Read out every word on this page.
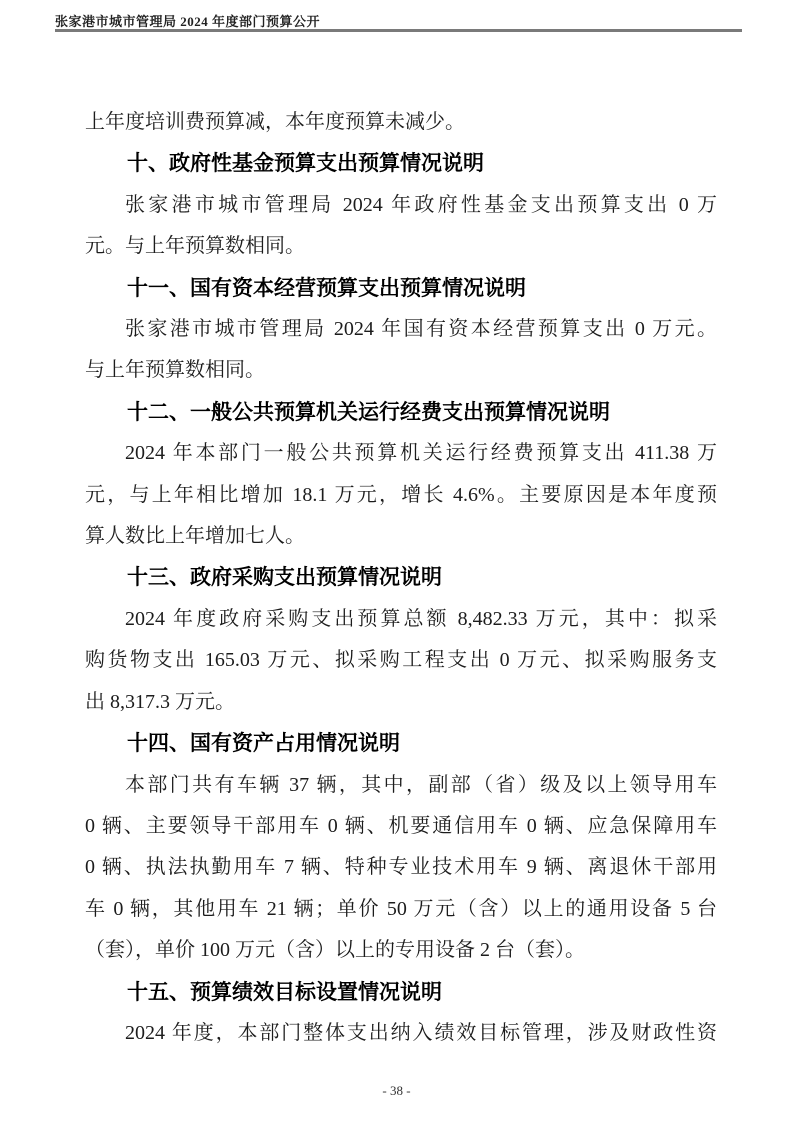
张家港市城市管理局 2024 年度部门预算公开
上年度培训费预算减，本年度预算未减少。
十、政府性基金预算支出预算情况说明
张家港市城市管理局 2024 年政府性基金支出预算支出 0 万
元。与上年预算数相同。
十一、国有资本经营预算支出预算情况说明
张家港市城市管理局 2024 年国有资本经营预算支出 0 万元。
与上年预算数相同。
十二、一般公共预算机关运行经费支出预算情况说明
2024 年本部门一般公共预算机关运行经费预算支出 411.38 万
元，与上年相比增加 18.1 万元，增长 4.6%。主要原因是本年度预
算人数比上年增加七人。
十三、政府采购支出预算情况说明
2024 年度政府采购支出预算总额 8,482.33 万元，其中：拟采
购货物支出 165.03 万元、拟采购工程支出 0 万元、拟采购服务支
出 8,317.3 万元。
十四、国有资产占用情况说明
本部门共有车辆 37 辆，其中，副部（省）级及以上领导用车
0 辆、主要领导干部用车 0 辆、机要通信用车 0 辆、应急保障用车
0 辆、执法执勤用车 7 辆、特种专业技术用车 9 辆、离退休干部用
车 0 辆，其他用车 21 辆；单价 50 万元（含）以上的通用设备 5 台
（套），单价 100 万元（含）以上的专用设备 2 台（套）。
十五、预算绩效目标设置情况说明
2024 年度，本部门整体支出纳入绩效目标管理，涉及财政性资
- 38 -
